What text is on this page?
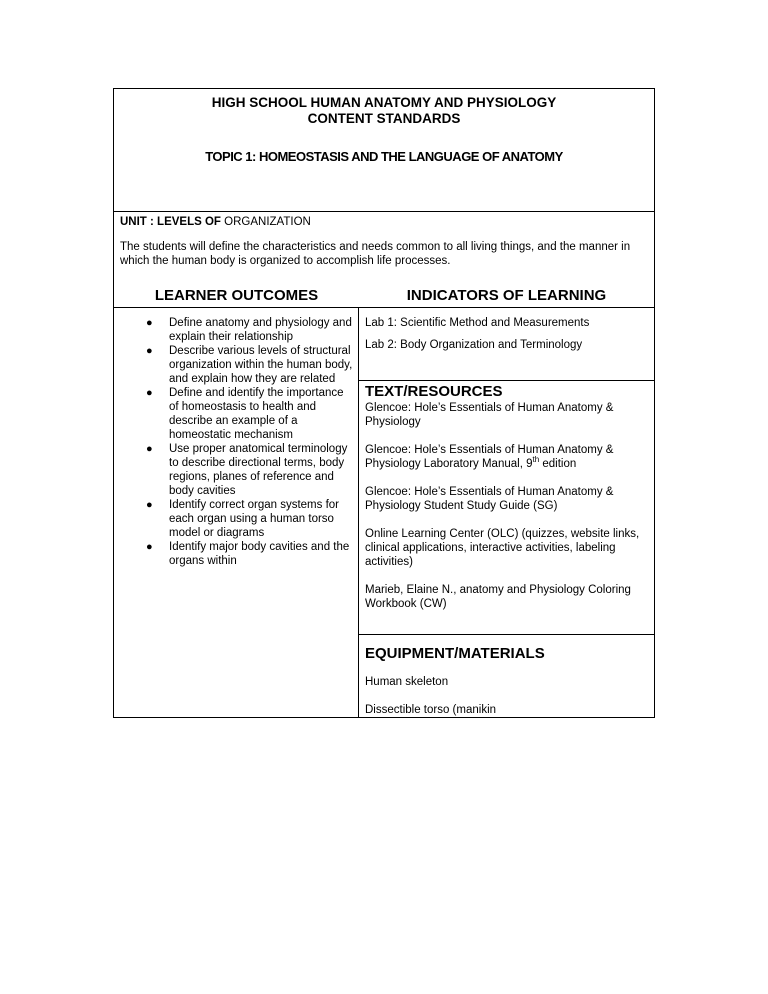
HIGH SCHOOL HUMAN ANATOMY AND PHYSIOLOGY
CONTENT STANDARDS
TOPIC 1: HOMEOSTASIS AND THE LANGUAGE OF ANATOMY
UNIT : LEVELS OF ORGANIZATION
The students will define the characteristics and needs common to all living things, and the manner in which the human body is organized to accomplish life processes.
LEARNER OUTCOMES	INDICATORS OF LEARNING
● Define anatomy and physiology and explain their relationship
● Describe various levels of structural organization within the human body, and explain how they are related
● Define and identify the importance of homeostasis to health and describe an example of a homeostatic mechanism
● Use proper anatomical terminology to describe directional terms, body regions, planes of reference and body cavities
● Identify correct organ systems for each organ using a human torso model or diagrams
● Identify major body cavities and the organs within
Lab 1: Scientific Method and Measurements
Lab 2: Body Organization and Terminology
TEXT/RESOURCES
Glencoe: Hole’s Essentials of Human Anatomy & Physiology
Glencoe: Hole’s Essentials of Human Anatomy & Physiology Laboratory Manual, 9th edition
Glencoe: Hole’s Essentials of Human Anatomy & Physiology Student Study Guide (SG)
Online Learning Center (OLC) (quizzes, website links, clinical applications, interactive activities, labeling activities)
Marieb, Elaine N., anatomy and Physiology Coloring Workbook (CW)
EQUIPMENT/MATERIALS
Human skeleton
Dissectible torso (manikin
